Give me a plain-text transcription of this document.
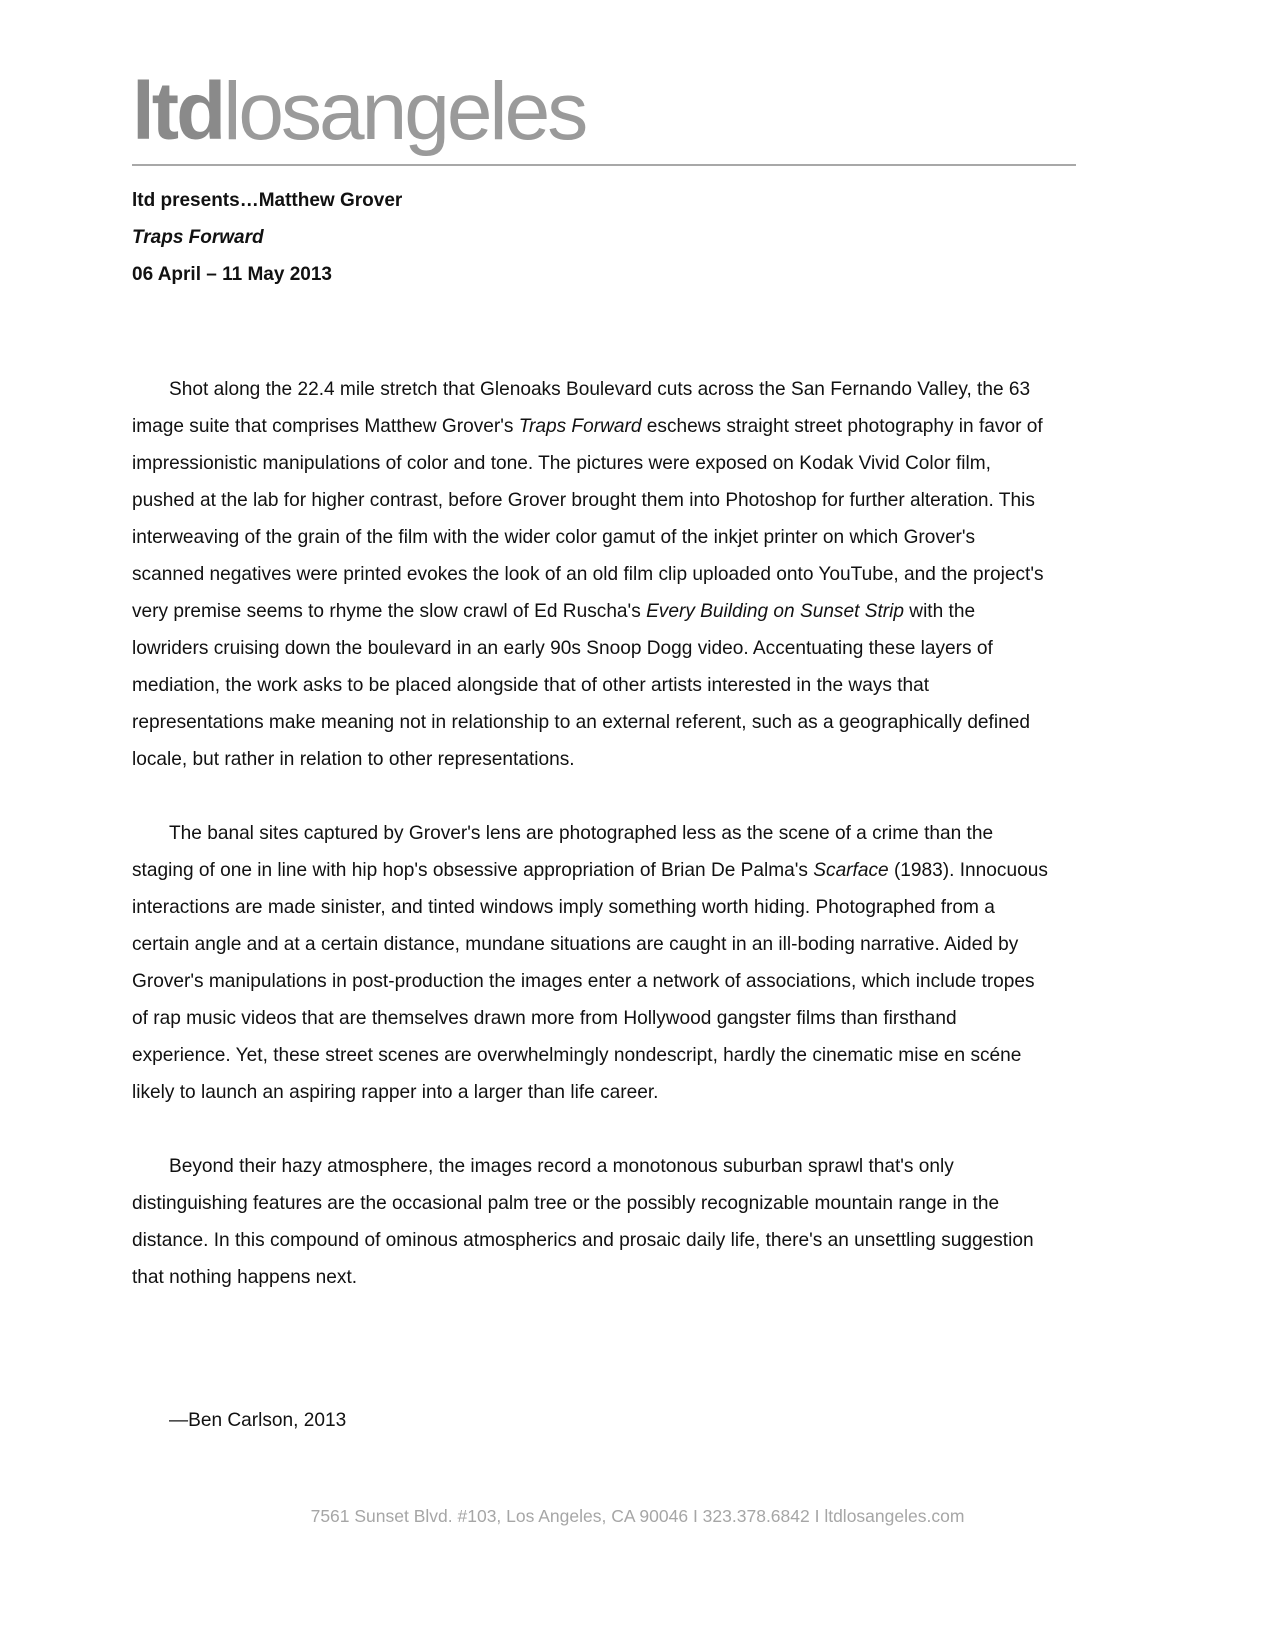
ltdlosangeles
ltd presents…Matthew Grover
Traps Forward
06 April – 11 May 2013
Shot along the 22.4 mile stretch that Glenoaks Boulevard cuts across the San Fernando Valley, the 63
image suite that comprises Matthew Grover's Traps Forward eschews straight street photography in favor of
impressionistic manipulations of color and tone. The pictures were exposed on Kodak Vivid Color film,
pushed at the lab for higher contrast, before Grover brought them into Photoshop for further alteration. This
interweaving of the grain of the film with the wider color gamut of the inkjet printer on which Grover's
scanned negatives were printed evokes the look of an old film clip uploaded onto YouTube, and the project's
very premise seems to rhyme the slow crawl of Ed Ruscha's Every Building on Sunset Strip with the
lowriders cruising down the boulevard in an early 90s Snoop Dogg video. Accentuating these layers of
mediation, the work asks to be placed alongside that of other artists interested in the ways that
representations make meaning not in relationship to an external referent, such as a geographically defined
locale, but rather in relation to other representations.
The banal sites captured by Grover's lens are photographed less as the scene of a crime than the
staging of one in line with hip hop's obsessive appropriation of Brian De Palma's Scarface (1983). Innocuous
interactions are made sinister, and tinted windows imply something worth hiding. Photographed from a
certain angle and at a certain distance, mundane situations are caught in an ill-boding narrative. Aided by
Grover's manipulations in post-production the images enter a network of associations, which include tropes
of rap music videos that are themselves drawn more from Hollywood gangster films than firsthand
experience. Yet, these street scenes are overwhelmingly nondescript, hardly the cinematic mise en scéne
likely to launch an aspiring rapper into a larger than life career.
Beyond their hazy atmosphere, the images record a monotonous suburban sprawl that's only
distinguishing features are the occasional palm tree or the possibly recognizable mountain range in the
distance. In this compound of ominous atmospherics and prosaic daily life, there's an unsettling suggestion
that nothing happens next.
—Ben Carlson, 2013
7561 Sunset Blvd. #103, Los Angeles, CA 90046 I 323.378.6842 I ltdlosangeles.com
